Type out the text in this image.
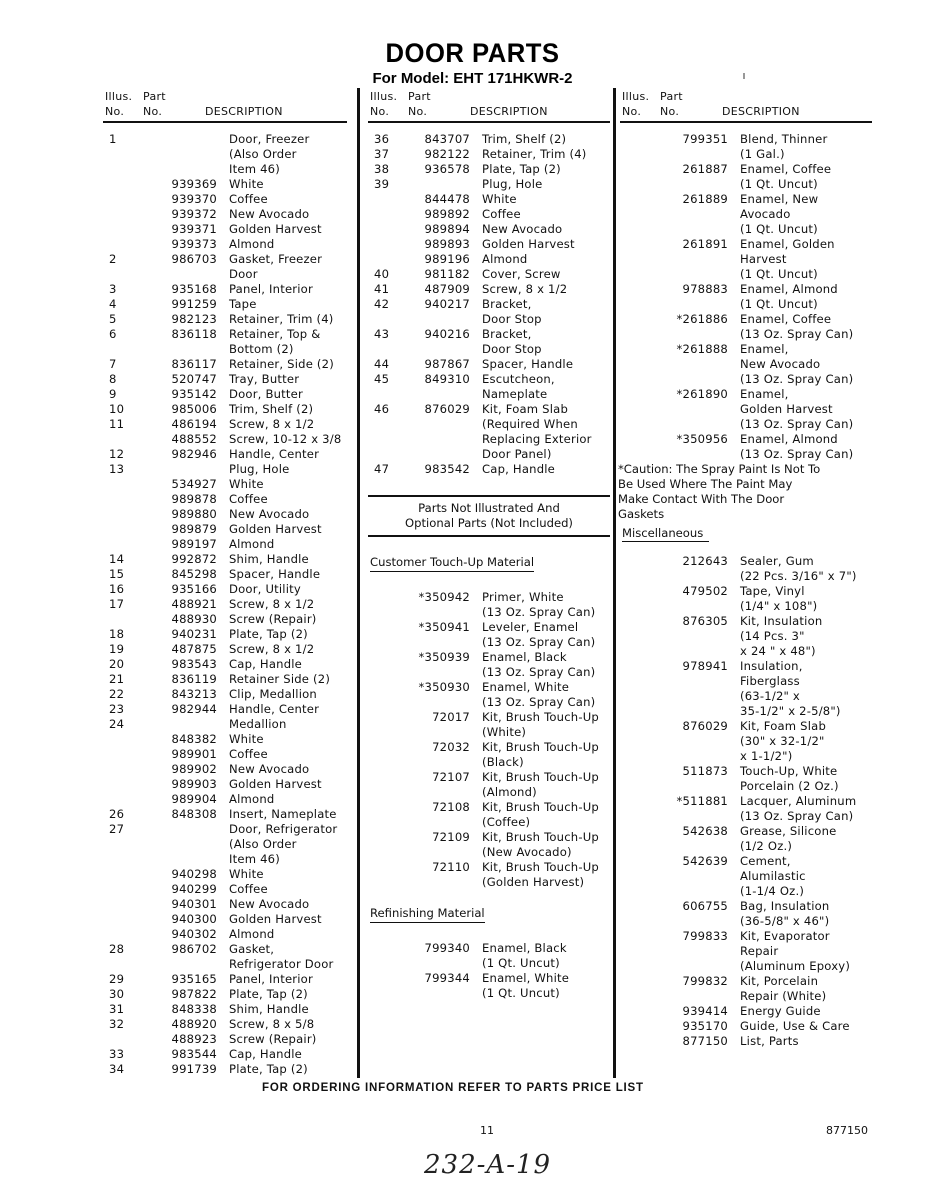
DOOR PARTS
For Model: EHT 171HKWR-2
Illus. Part
No. No.	DESCRIPTION
1	Door, Freezer
(Also Order
Item 46)
939369 White
939370 Coffee
939372 New Avocado
939371 Golden Harvest
939373 Almond
2	986703 Gasket, Freezer
Door
3	935168 Panel, Interior
4	991259 Tape
5	982123 Retainer, Trim (4)
6	836118 Retainer, Top &
Bottom (2)
7	836117 Retainer, Side (2)
8	520747 Tray, Butter
9	935142 Door, Butter
10	985006 Trim, Shelf (2)
11	486194 Screw, 8 x 1/2
488552 Screw, 10-12 x 3/8
12	982946 Handle, Center
13	Plug, Hole
534927 White
989878 Coffee
989880 New Avocado
989879 Golden Harvest
989197 Almond
14	992872 Shim, Handle
15	845298 Spacer, Handle
16	935166 Door, Utility
17	488921 Screw, 8 x 1/2
488930 Screw (Repair)
18	940231 Plate, Tap (2)
19	487875 Screw, 8 x 1/2
20	983543 Cap, Handle
21	836119 Retainer Side (2)
22	843213 Clip, Medallion
23	982944 Handle, Center
24	Medallion
848382 White
989901 Coffee
989902 New Avocado
989903 Golden Harvest
989904 Almond
26	848308 Insert, Nameplate
27	Door, Refrigerator
(Also Order
Item 46)
940298 White
940299 Coffee
940301 New Avocado
940300 Golden Harvest
940302 Almond
28	986702 Gasket,
Refrigerator Door
29	935165 Panel, Interior
30	987822 Plate, Tap (2)
31	848338 Shim, Handle
32	488920 Screw, 8 x 5/8
488923 Screw (Repair)
33	983544 Cap, Handle
34	991739 Plate, Tap (2)
Illus. Part
No. No.	DESCRIPTION
36	843707 Trim, Shelf (2)
37	982122 Retainer, Trim (4)
38	936578 Plate, Tap (2)
39	Plug, Hole
844478 White
989892 Coffee
989894 New Avocado
989893 Golden Harvest
989196 Almond
40	981182 Cover, Screw
41	487909 Screw, 8 x 1/2
42	940217 Bracket,
Door Stop
43	940216 Bracket,
Door Stop
44	987867 Spacer, Handle
45	849310 Escutcheon,
Nameplate
46	876029 Kit, Foam Slab
(Required When
Replacing Exterior
Door Panel)
47	983542 Cap, Handle
Parts Not Illustrated And
Optional Parts (Not Included)
Customer Touch-Up Material
*350942 Primer, White
(13 Oz. Spray Can)
*350941 Leveler, Enamel
(13 Oz. Spray Can)
*350939 Enamel, Black
(13 Oz. Spray Can)
*350930 Enamel, White
(13 Oz. Spray Can)
72017 Kit, Brush Touch-Up
(White)
72032 Kit, Brush Touch-Up
(Black)
72107 Kit, Brush Touch-Up
(Almond)
72108 Kit, Brush Touch-Up
(Coffee)
72109 Kit, Brush Touch-Up
(New Avocado)
72110 Kit, Brush Touch-Up
(Golden Harvest)
Refinishing Material
799340 Enamel, Black
(1 Qt. Uncut)
799344 Enamel, White
(1 Qt. Uncut)
Illus. Part
No. No.	DESCRIPTION
799351 Blend, Thinner
(1 Gal.)
261887 Enamel, Coffee
(1 Qt. Uncut)
261889 Enamel, New
Avocado
(1 Qt. Uncut)
261891 Enamel, Golden
Harvest
(1 Qt. Uncut)
978883 Enamel, Almond
(1 Qt. Uncut)
*261886 Enamel, Coffee
(13 Oz. Spray Can)
*261888 Enamel,
New Avocado
(13 Oz. Spray Can)
*261890 Enamel,
Golden Harvest
(13 Oz. Spray Can)
*350956 Enamel, Almond
(13 Oz. Spray Can)
*Caution: The Spray Paint Is Not To
Be Used Where The Paint May
Make Contact With The Door
Gaskets
Miscellaneous
212643 Sealer, Gum
(22 Pcs. 3/16" x 7")
479502 Tape, Vinyl
(1/4" x 108")
876305 Kit, Insulation
(14 Pcs. 3"
x 24 " x 48")
978941 Insulation,
Fiberglass
(63-1/2" x
35-1/2" x 2-5/8")
876029 Kit, Foam Slab
(30" x 32-1/2"
x 1-1/2")
511873 Touch-Up, White
Porcelain (2 Oz.)
*511881 Lacquer, Aluminum
(13 Oz. Spray Can)
542638 Grease, Silicone
(1/2 Oz.)
542639 Cement,
Alumilastic
(1-1/4 Oz.)
606755 Bag, Insulation
(36-5/8" x 46")
799833 Kit, Evaporator
Repair
(Aluminum Epoxy)
799832 Kit, Porcelain
Repair (White)
939414 Energy Guide
935170 Guide, Use & Care
877150 List, Parts
FOR ORDERING INFORMATION REFER TO PARTS PRICE LIST
11	877150
232-A-19
